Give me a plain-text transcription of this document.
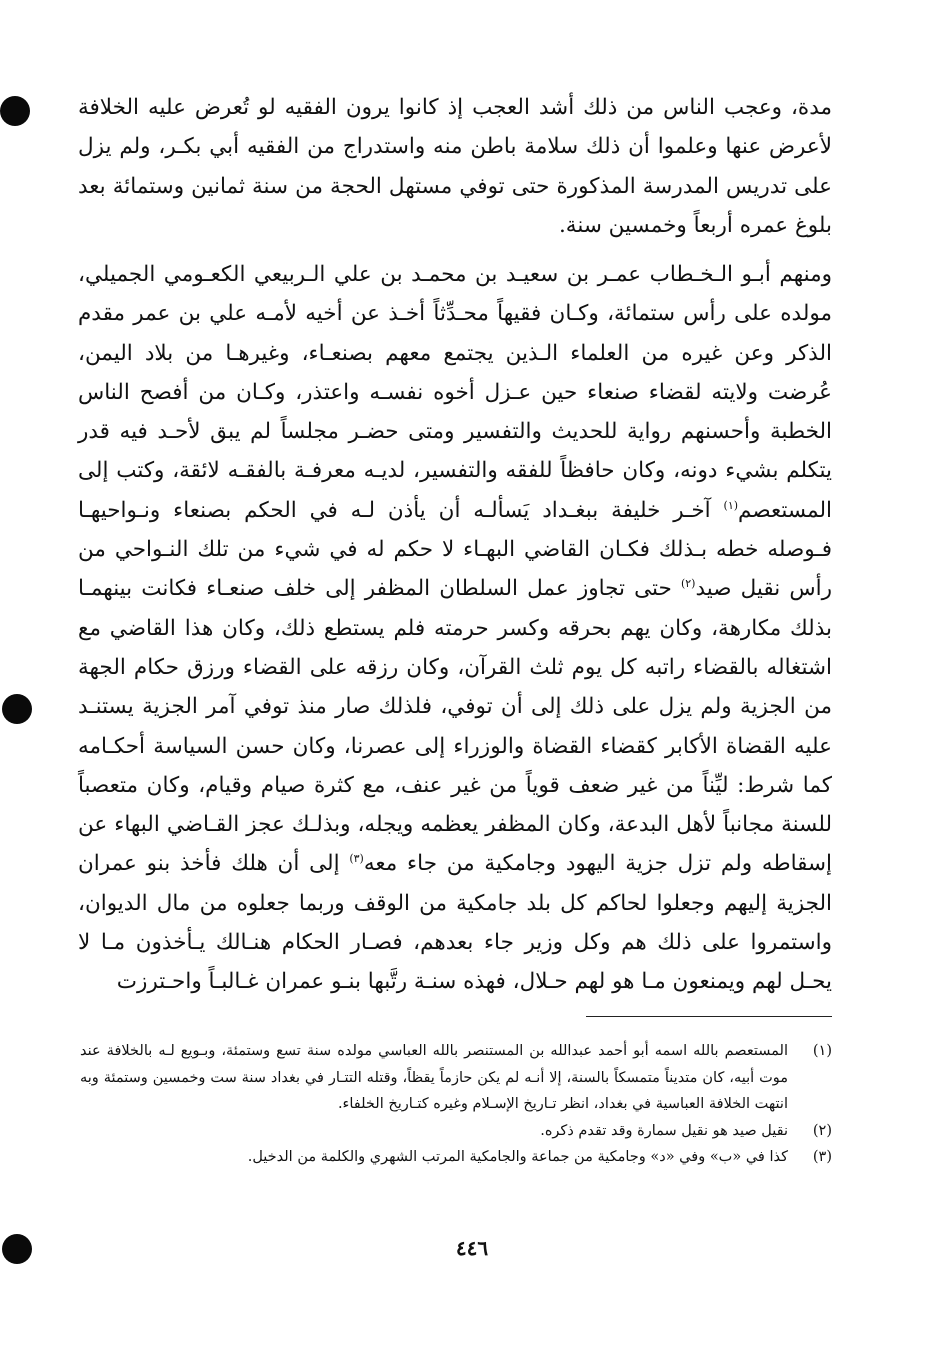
مدة، وعجب الناس من ذلك أشد العجب إذ كانوا يرون الفقيه لو تُعرض عليه الخلافة لأعرض عنها وعلموا أن ذلك سلامة باطن منه واستدراج من الفقيه أبي بكـر، ولم يزل على تدريس المدرسة المذكورة حتى توفي مستهل الحجة من سنة ثمانين وستمائة بعد بلوغ عمره أربعاً وخمسين سنة.

ومنهم أبـو الـخـطاب عمـر بن سعيـد بن محمـد بن علي الـربيعي الكعـومي الجميلي، مولده على رأس ستمائة، وكـان فقيهاً محـدِّثاً أخـذ عن أخيه لأمـه علي بن عمر مقدم الذكر وعن غيره من العلماء الـذين يجتمع معهم بصنعـاء، وغيرهـا من بلاد اليمن، عُرضت ولايته لقضاء صنعاء حين عـزل أخوه نفسـه واعتذر، وكـان من أفصح الناس الخطبة وأحسنهم رواية للحديث والتفسير ومتى حضـر مجلساً لم يبق لأحـد فيه قدر يتكلم بشيء دونه، وكان حافظاً للفقه والتفسير، لديـه معرفـة بالفقـه لائقة، وكتب إلى المستعصم$^{(١)}$ آخـر خليفة ببغـداد يَسألـه أن يأذن لـه في الحكم بصنعاء ونـواحيهـا فـوصله خطه بـذلك فكـان القاضي البهـاء لا حكم له في شيء من تلك النـواحي من رأس نقيل صيد$^{(٢)}$ حتى تجاوز عمل السلطان المظفر إلى خلف صنعـاء فكانت بينهمـا بذلك مكارهة، وكان يهم بحرقه وكسر حرمته فلم يستطع ذلك، وكان هذا القاضي مع اشتغاله بالقضاء راتبه كل يوم ثلث القرآن، وكان رزقه على القضاء ورزق حكام الجهة من الجزية ولم يزل على ذلك إلى أن توفي، فلذلك صار منذ توفي آمر الجزية يستنـد عليه القضاة الأكابر كقضاء القضاة والوزراء إلى عصرنا، وكان حسن السياسة أحكـامه كما شرط: ليِّناً من غير ضعف قوياً من غير عنف، مع كثرة صيام وقيام، وكان متعصباً للسنة مجانباً لأهل البدعة، وكان المظفر يعظمه ويجله، وبذلـك عجز القـاضي البهاء عن إسقاطه ولم تزل جزية اليهود وجامكية من جاء معه$^{(٣)}$ إلى أن هلك فأخذ بنو عمران الجزية إليهم وجعلوا لحاكم كل بلد جامكية من الوقف وربما جعلوه من مال الديوان، واستمروا على ذلك هم وكل وزير جاء بعدهم، فصـار الحكام هنـالك يـأخذون مـا لا يحـل لهم ويمنعون مـا هو لهم حـلال، فهذه سنـة رتَّبها بنـو عمران غـالبـاً واحـترزت

(١)
المستعصم بالله اسمه أبو أحمد عبدالله بن المستنصر بالله العباسي مولده سنة تسع وستمئة، وبـويع لـه بالخلافة عند موت أبيه، كان متديناً متمسكاً بالسنة، إلا أنـه لم يكن حازماً يقظاً، وقتله التتـار في بغداد سنة ست وخمسين وستمئة وبه انتهت الخلافة العباسية في بغداد، انظر تـاريخ الإسـلام وغيره كتـاريخ الخلفاء.
(٢)
نقيل صيد هو نقيل سمارة وقد تقدم ذكره.
(٣)
كذا في «ب» وفي «د» وجامكية من جماعة والجامكية المرتب الشهري والكلمة من الدخيل.
٤٤٦
